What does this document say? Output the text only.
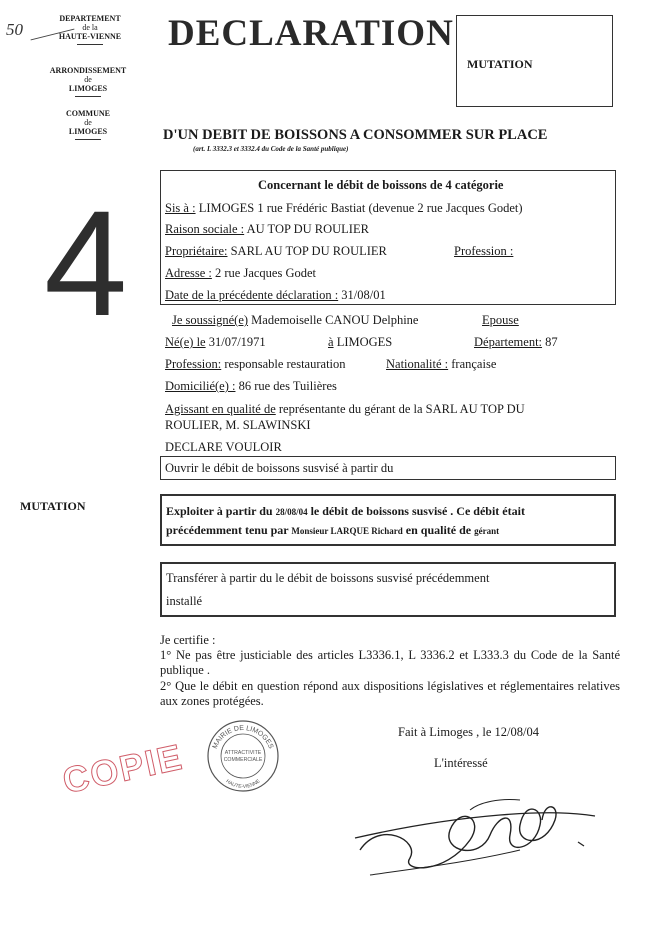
50
DEPARTEMENT
de la
HAUTE-VIENNE
ARRONDISSEMENT
de
LIMOGES
COMMUNE
de
LIMOGES
DECLARATION
MUTATION
D'UN DEBIT DE BOISSONS A CONSOMMER SUR PLACE
(art. L 3332.3 et 3332.4 du Code de la Santé publique)
4	Concernant le débit de boissons de 4 catégorie
Sis à : LIMOGES 1 rue Frédéric Bastiat (devenue 2 rue Jacques Godet)
Raison sociale : AU TOP DU ROULIER
Propriétaire: SARL AU TOP DU ROULIER	Profession :
Adresse : 2 rue Jacques Godet
Date de la précédente déclaration : 31/08/01
Je soussigné(e) Mademoiselle CANOU Delphine	Epouse
Né(e) le 31/07/1971	à LIMOGES	Département: 87
Profession: responsable restauration	Nationalité : française
Domicilié(e) : 86 rue des Tuilières
Agissant en qualité de représentante du gérant de la SARL AU TOP DU
ROULIER, M. SLAWINSKI
DECLARE VOULOIR
Ouvrir le débit de boissons susvisé à partir du
MUTATION	Exploiter à partir du 28/08/04 le débit de boissons susvisé . Ce débit était
précédemment tenu par Monsieur LARQUE Richard en qualité de gérant
Transférer à partir du le débit de boissons susvisé précédemment
installé
Je certifie :
1° Ne pas être justiciable des articles L3336.1, L 3336.2 et L333.3 du Code de la Santé publique .
2° Que le débit en question répond aux dispositions législatives et réglementaires relatives aux zones protégées.
Fait à Limoges , le 12/08/04
L'intéressé
COPIE	MAIRIE DE LIMOGES
HAUTE-VIENNE
ATTRACTIVITE
COMMERCIALE
